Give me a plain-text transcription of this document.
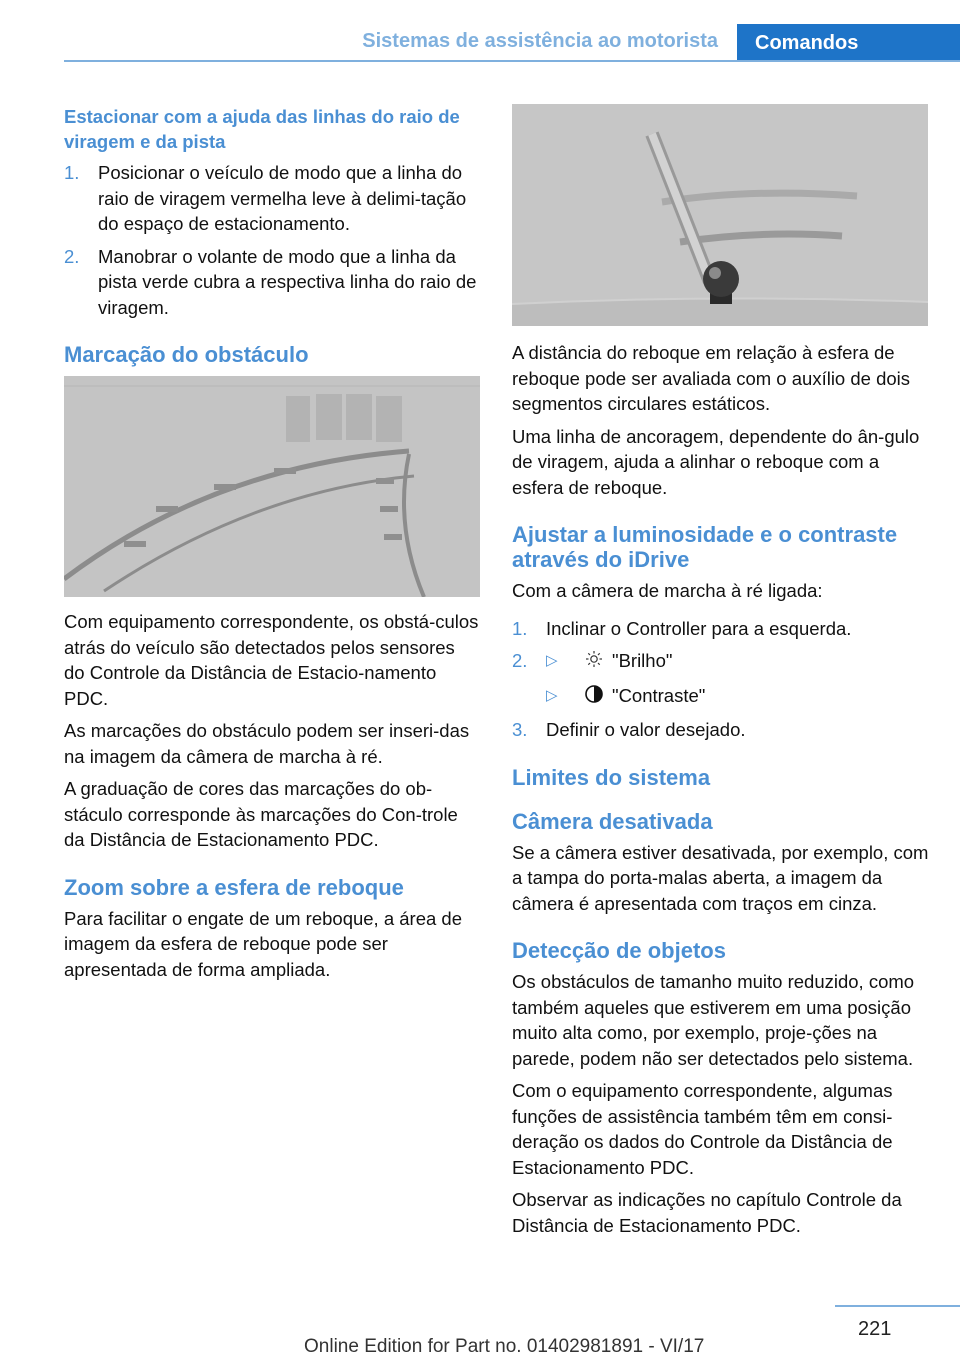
Sistemas de assistência ao motorista	Comandos
Estacionar com a ajuda das linhas do raio de viragem e da pista
1. Posicionar o veículo de modo que a linha do raio de viragem vermelha leve à delimi-tação do espaço de estacionamento.
2. Manobrar o volante de modo que a linha da pista verde cubra a respectiva linha do raio de viragem.
Marcação do obstáculo

Com equipamento correspondente, os obstá-culos atrás do veículo são detectados pelos sensores do Controle da Distância de Estacio-namento PDC.

As marcações do obstáculo podem ser inseri-das na imagem da câmera de marcha à ré.

A graduação de cores das marcações do ob-stáculo corresponde às marcações do Con-trole da Distância de Estacionamento PDC.

Zoom sobre a esfera de reboque

Para facilitar o engate de um reboque, a área de imagem da esfera de reboque pode ser apresentada de forma ampliada.

A distância do reboque em relação à esfera de reboque pode ser avaliada com o auxílio de dois segmentos circulares estáticos.

Uma linha de ancoragem, dependente do ân-gulo de viragem, ajuda a alinhar o reboque com a esfera de reboque.

Ajustar a luminosidade e o contraste através do iDrive

Com a câmera de marcha à ré ligada:

1. Inclinar o Controller para a esquerda.
2. ▷	"Brilho"
▷	"Contraste"
3. Definir o valor desejado.
Limites do sistema
Câmera desativada

Se a câmera estiver desativada, por exemplo, com a tampa do porta-malas aberta, a imagem da câmera é apresentada com traços em cinza.

Detecção de objetos

Os obstáculos de tamanho muito reduzido, como também aqueles que estiverem em uma posição muito alta como, por exemplo, proje-ções na parede, podem não ser detectados pelo sistema.

Com o equipamento correspondente, algumas funções de assistência também têm em consi-deração os dados do Controle da Distância de Estacionamento PDC.

Observar as indicações no capítulo Controle da Distância de Estacionamento PDC.

221
Online Edition for Part no. 01402981891 - VI/17
